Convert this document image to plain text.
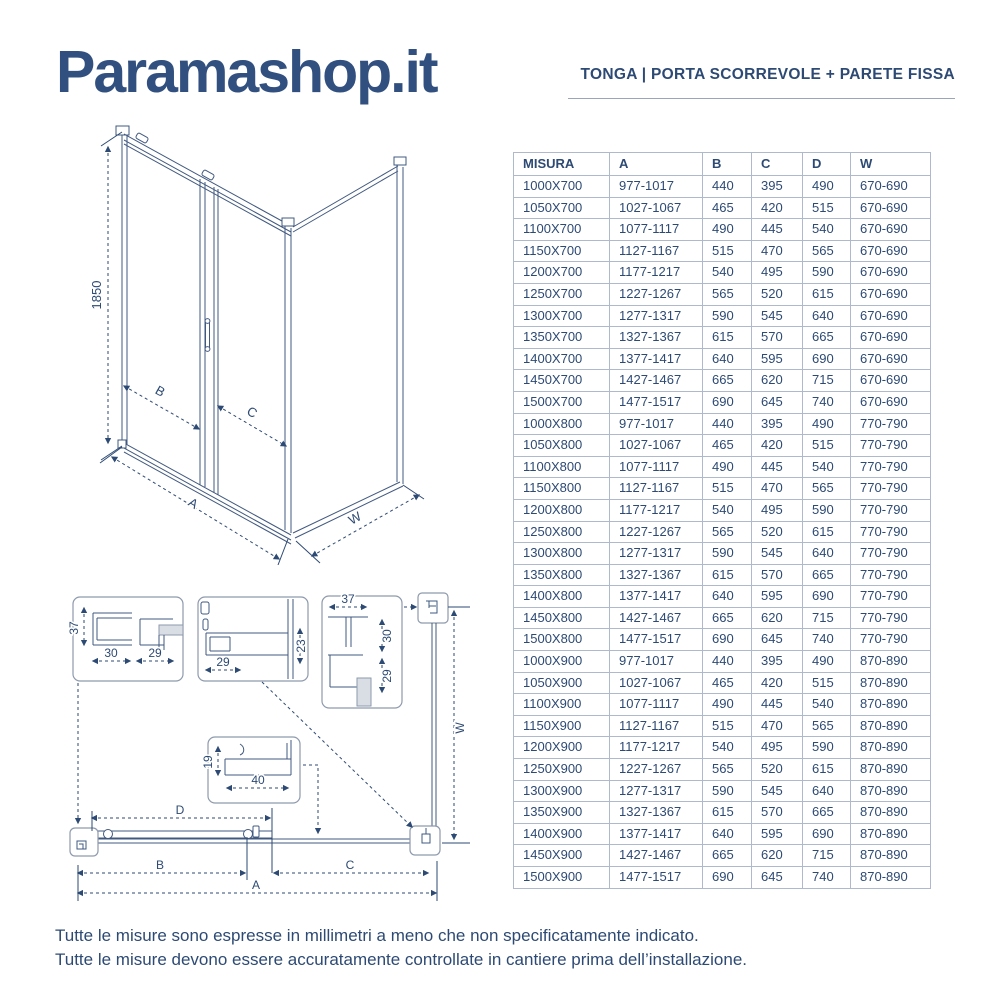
Paramashop.it	TONGA | PORTA SCORREVOLE + PARETE FISSA
1850
B
C
A
W
37
30	29
29
23
37
30
29
19
40
W
D
B	C
A
MISURA	A	B	C	D	W
1000X700	977-1017	440	395	490	670-690
1050X700	1027-1067	465	420	515	670-690
1100X700	1077-1117	490	445	540	670-690
1150X700	1127-1167	515	470	565	670-690
1200X700	1177-1217	540	495	590	670-690
1250X700	1227-1267	565	520	615	670-690
1300X700	1277-1317	590	545	640	670-690
1350X700	1327-1367	615	570	665	670-690
1400X700	1377-1417	640	595	690	670-690
1450X700	1427-1467	665	620	715	670-690
1500X700	1477-1517	690	645	740	670-690
1000X800	977-1017	440	395	490	770-790
1050X800	1027-1067	465	420	515	770-790
1100X800	1077-1117	490	445	540	770-790
1150X800	1127-1167	515	470	565	770-790
1200X800	1177-1217	540	495	590	770-790
1250X800	1227-1267	565	520	615	770-790
1300X800	1277-1317	590	545	640	770-790
1350X800	1327-1367	615	570	665	770-790
1400X800	1377-1417	640	595	690	770-790
1450X800	1427-1467	665	620	715	770-790
1500X800	1477-1517	690	645	740	770-790
1000X900	977-1017	440	395	490	870-890
1050X900	1027-1067	465	420	515	870-890
1100X900	1077-1117	490	445	540	870-890
1150X900	1127-1167	515	470	565	870-890
1200X900	1177-1217	540	495	590	870-890
1250X900	1227-1267	565	520	615	870-890
1300X900	1277-1317	590	545	640	870-890
1350X900	1327-1367	615	570	665	870-890
1400X900	1377-1417	640	595	690	870-890
1450X900	1427-1467	665	620	715	870-890
1500X900	1477-1517	690	645	740	870-890
Tutte le misure sono espresse in millimetri a meno che non specificatamente indicato.
Tutte le misure devono essere accuratamente controllate in cantiere prima dell’installazione.
